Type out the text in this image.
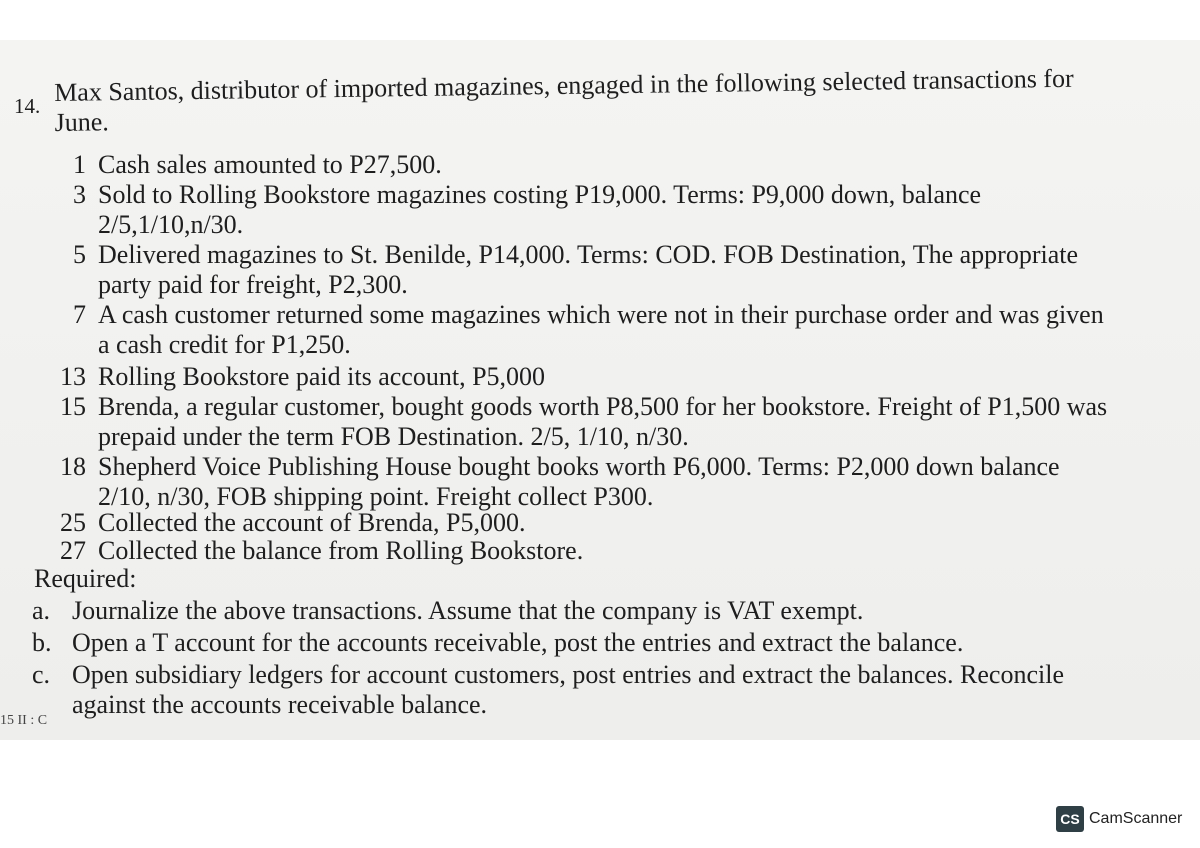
14. Max Santos, distributor of imported magazines, engaged in the following selected transactions for June.
1 Cash sales amounted to P27,500.
3 Sold to Rolling Bookstore magazines costing P19,000. Terms: P9,000 down, balance 2/5,1/10,n/30.
5 Delivered magazines to St. Benilde, P14,000. Terms: COD. FOB Destination, The appropriate party paid for freight, P2,300.
7 A cash customer returned some magazines which were not in their purchase order and was given a cash credit for P1,250.
13 Rolling Bookstore paid its account, P5,000
15 Brenda, a regular customer, bought goods worth P8,500 for her bookstore. Freight of P1,500 was prepaid under the term FOB Destination. 2/5, 1/10, n/30.
18 Shepherd Voice Publishing House bought books worth P6,000. Terms: P2,000 down balance 2/10, n/30, FOB shipping point. Freight collect P300.
25 Collected the account of Brenda, P5,000.
27 Collected the balance from Rolling Bookstore.
Required:
a. Journalize the above transactions. Assume that the company is VAT exempt.
b. Open a T account for the accounts receivable, post the entries and extract the balance.
c. Open subsidiary ledgers for account customers, post entries and extract the balances. Reconcile against the accounts receivable balance.
15 II : C
CS CamScanner
